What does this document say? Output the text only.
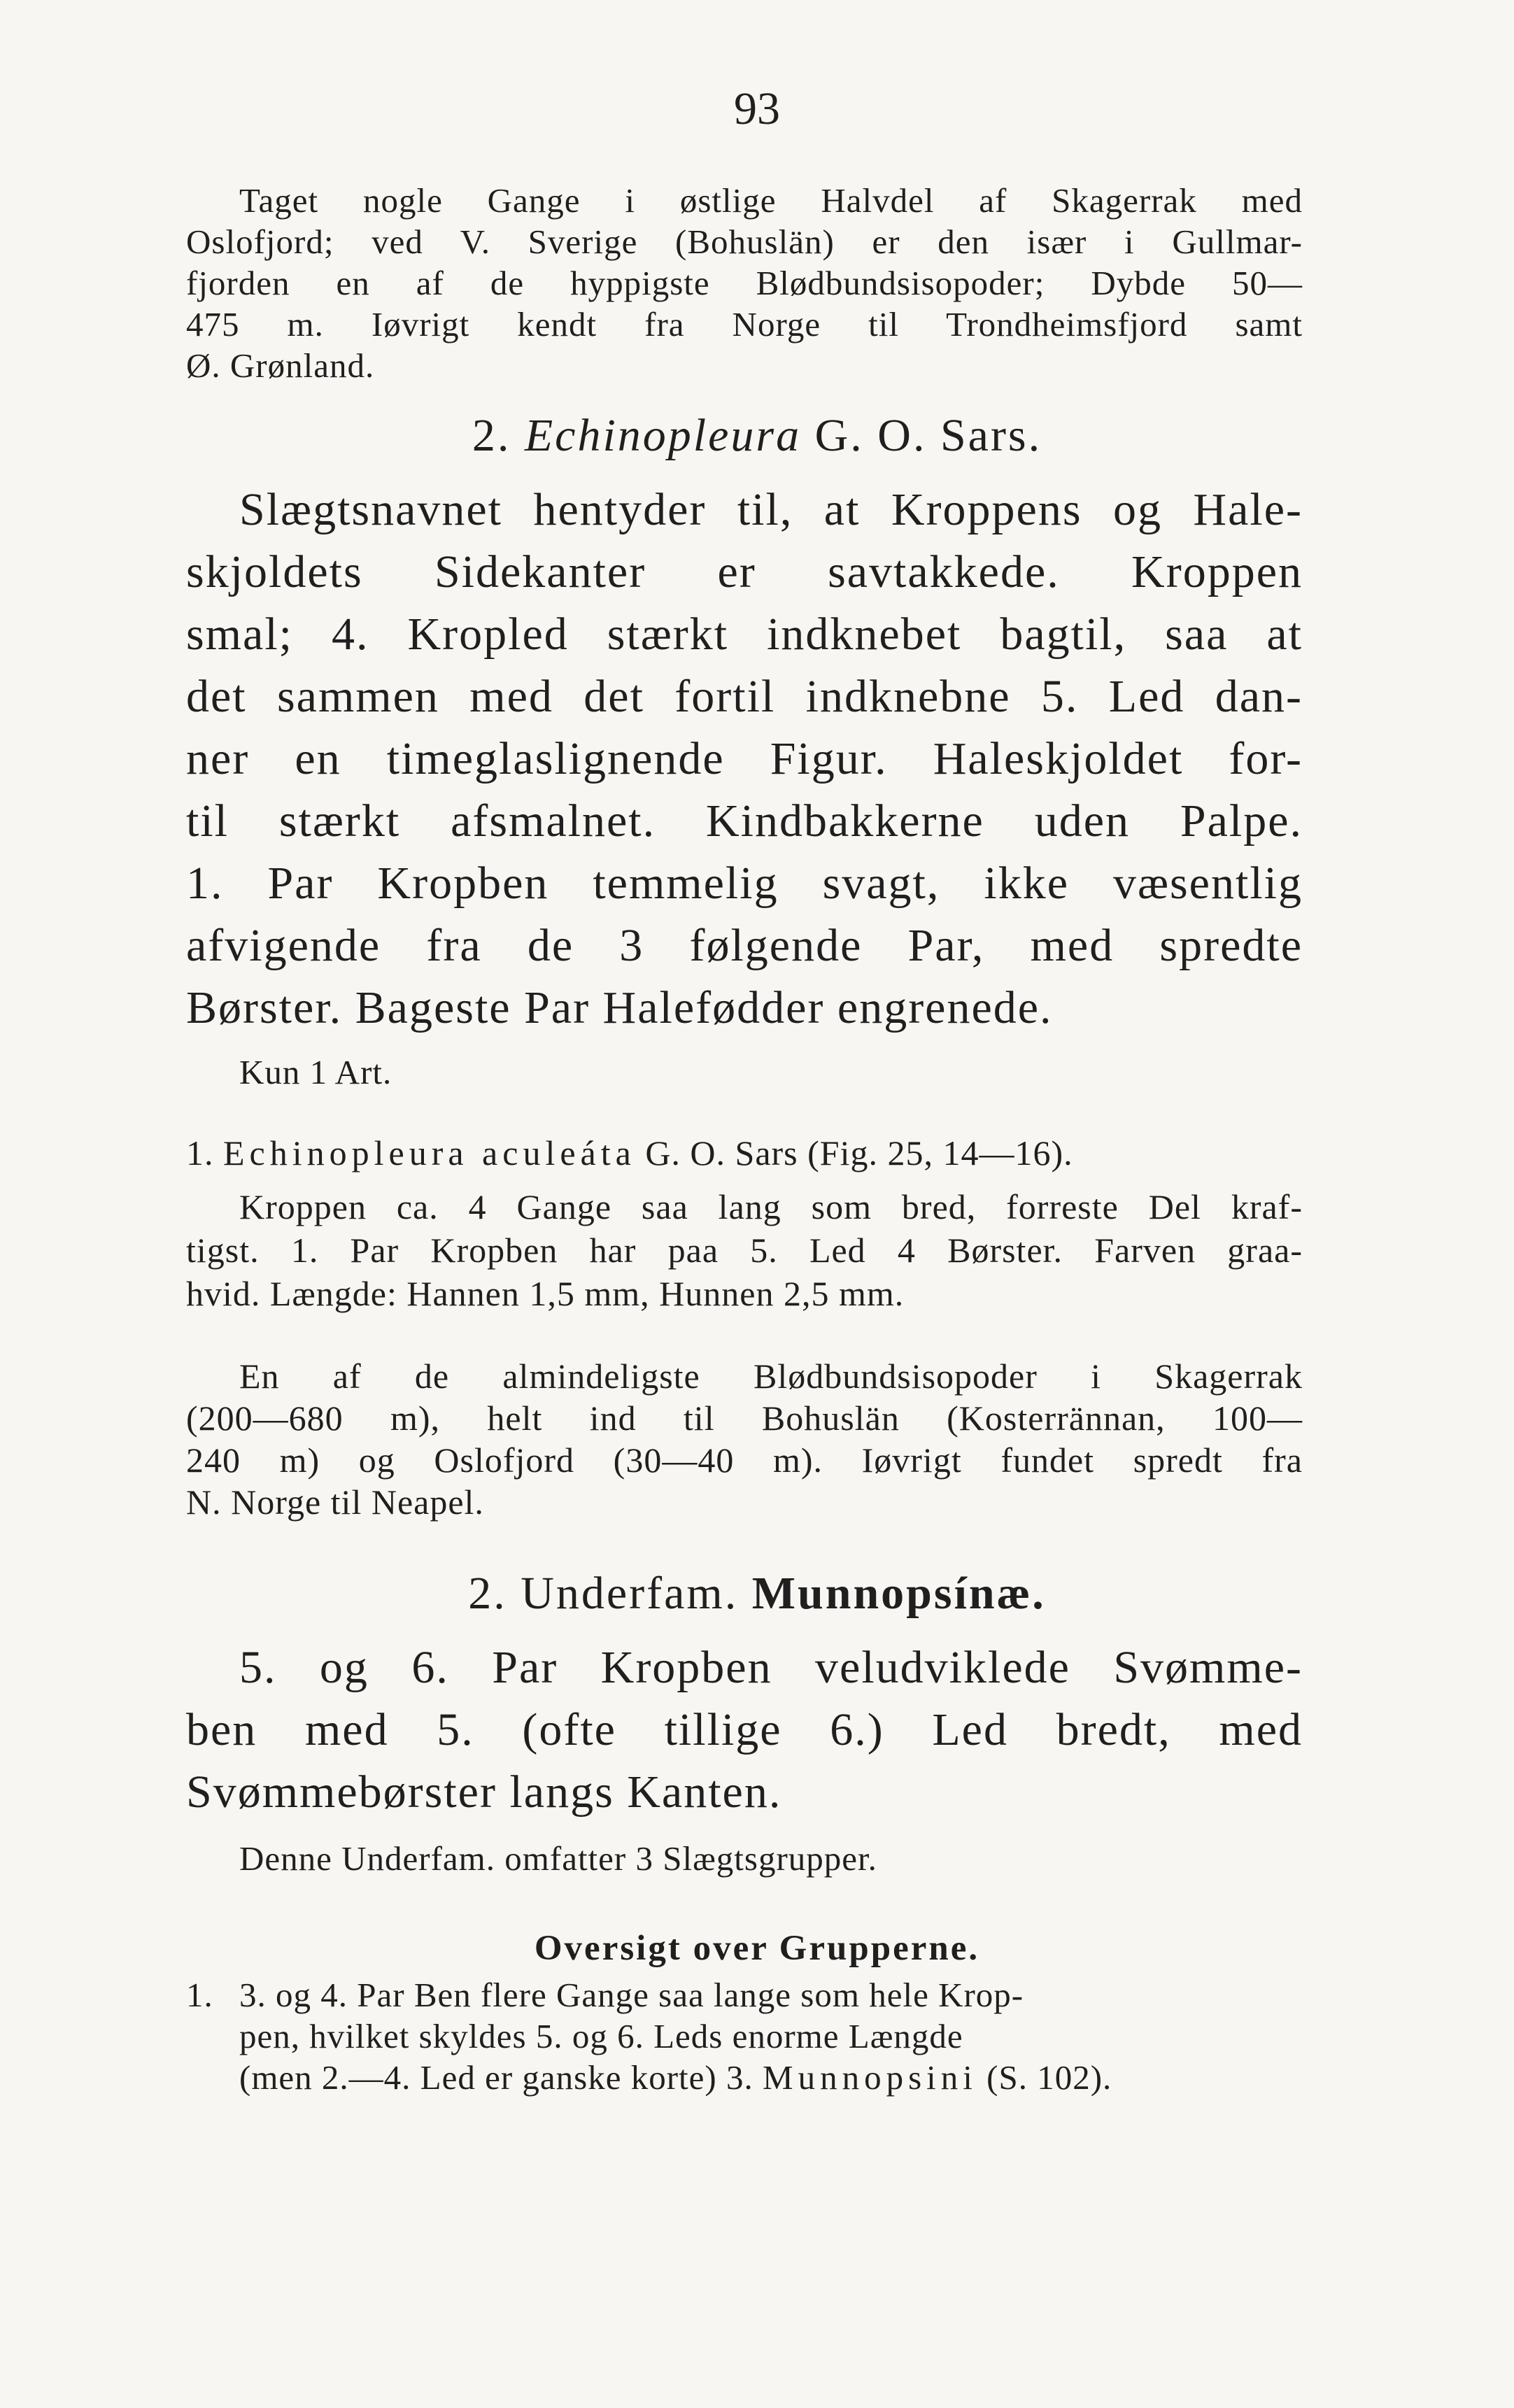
93
Taget nogle Gange i østlige Halvdel af Skagerrak med
Oslofjord; ved V. Sverige (Bohuslän) er den især i Gullmar-
fjorden en af de hyppigste Blødbundsisopoder; Dybde 50—
475 m. Iøvrigt kendt fra Norge til Trondheimsfjord samt
Ø. Grønland.
2. Echinopleura G. O. Sars.
Slægtsnavnet hentyder til, at Kroppens og Hale-
skjoldets Sidekanter er savtakkede. Kroppen
smal; 4. Kropled stærkt indknebet bagtil, saa at
det sammen med det fortil indknebne 5. Led dan-
ner en timeglaslignende Figur. Haleskjoldet for-
til stærkt afsmalnet. Kindbakkerne uden Palpe.
1. Par Kropben temmelig svagt, ikke væsentlig
afvigende fra de 3 følgende Par, med spredte
Børster. Bageste Par Halefødder engrenede.
Kun 1 Art.
1. Echinopleura aculeáta G. O. Sars (Fig. 25, 14—16).
Kroppen ca. 4 Gange saa lang som bred, forreste Del kraf-
tigst. 1. Par Kropben har paa 5. Led 4 Børster. Farven graa-
hvid. Længde: Hannen 1,5 mm, Hunnen 2,5 mm.
En af de almindeligste Blødbundsisopoder i Skagerrak
(200—680 m), helt ind til Bohuslän (Kosterrännan, 100—
240 m) og Oslofjord (30—40 m). Iøvrigt fundet spredt fra
N. Norge til Neapel.
2. Underfam. Munnopsínæ.
5. og 6. Par Kropben veludviklede Svømme-
ben med 5. (ofte tillige 6.) Led bredt, med
Svømmebørster langs Kanten.
Denne Underfam. omfatter 3 Slægtsgrupper.
Oversigt over Grupperne.
1. 3. og 4. Par Ben flere Gange saa lange som hele Krop-
pen, hvilket skyldes 5. og 6. Leds enorme Længde
(men 2.—4. Led er ganske korte) 3. Munnopsini (S. 102).
